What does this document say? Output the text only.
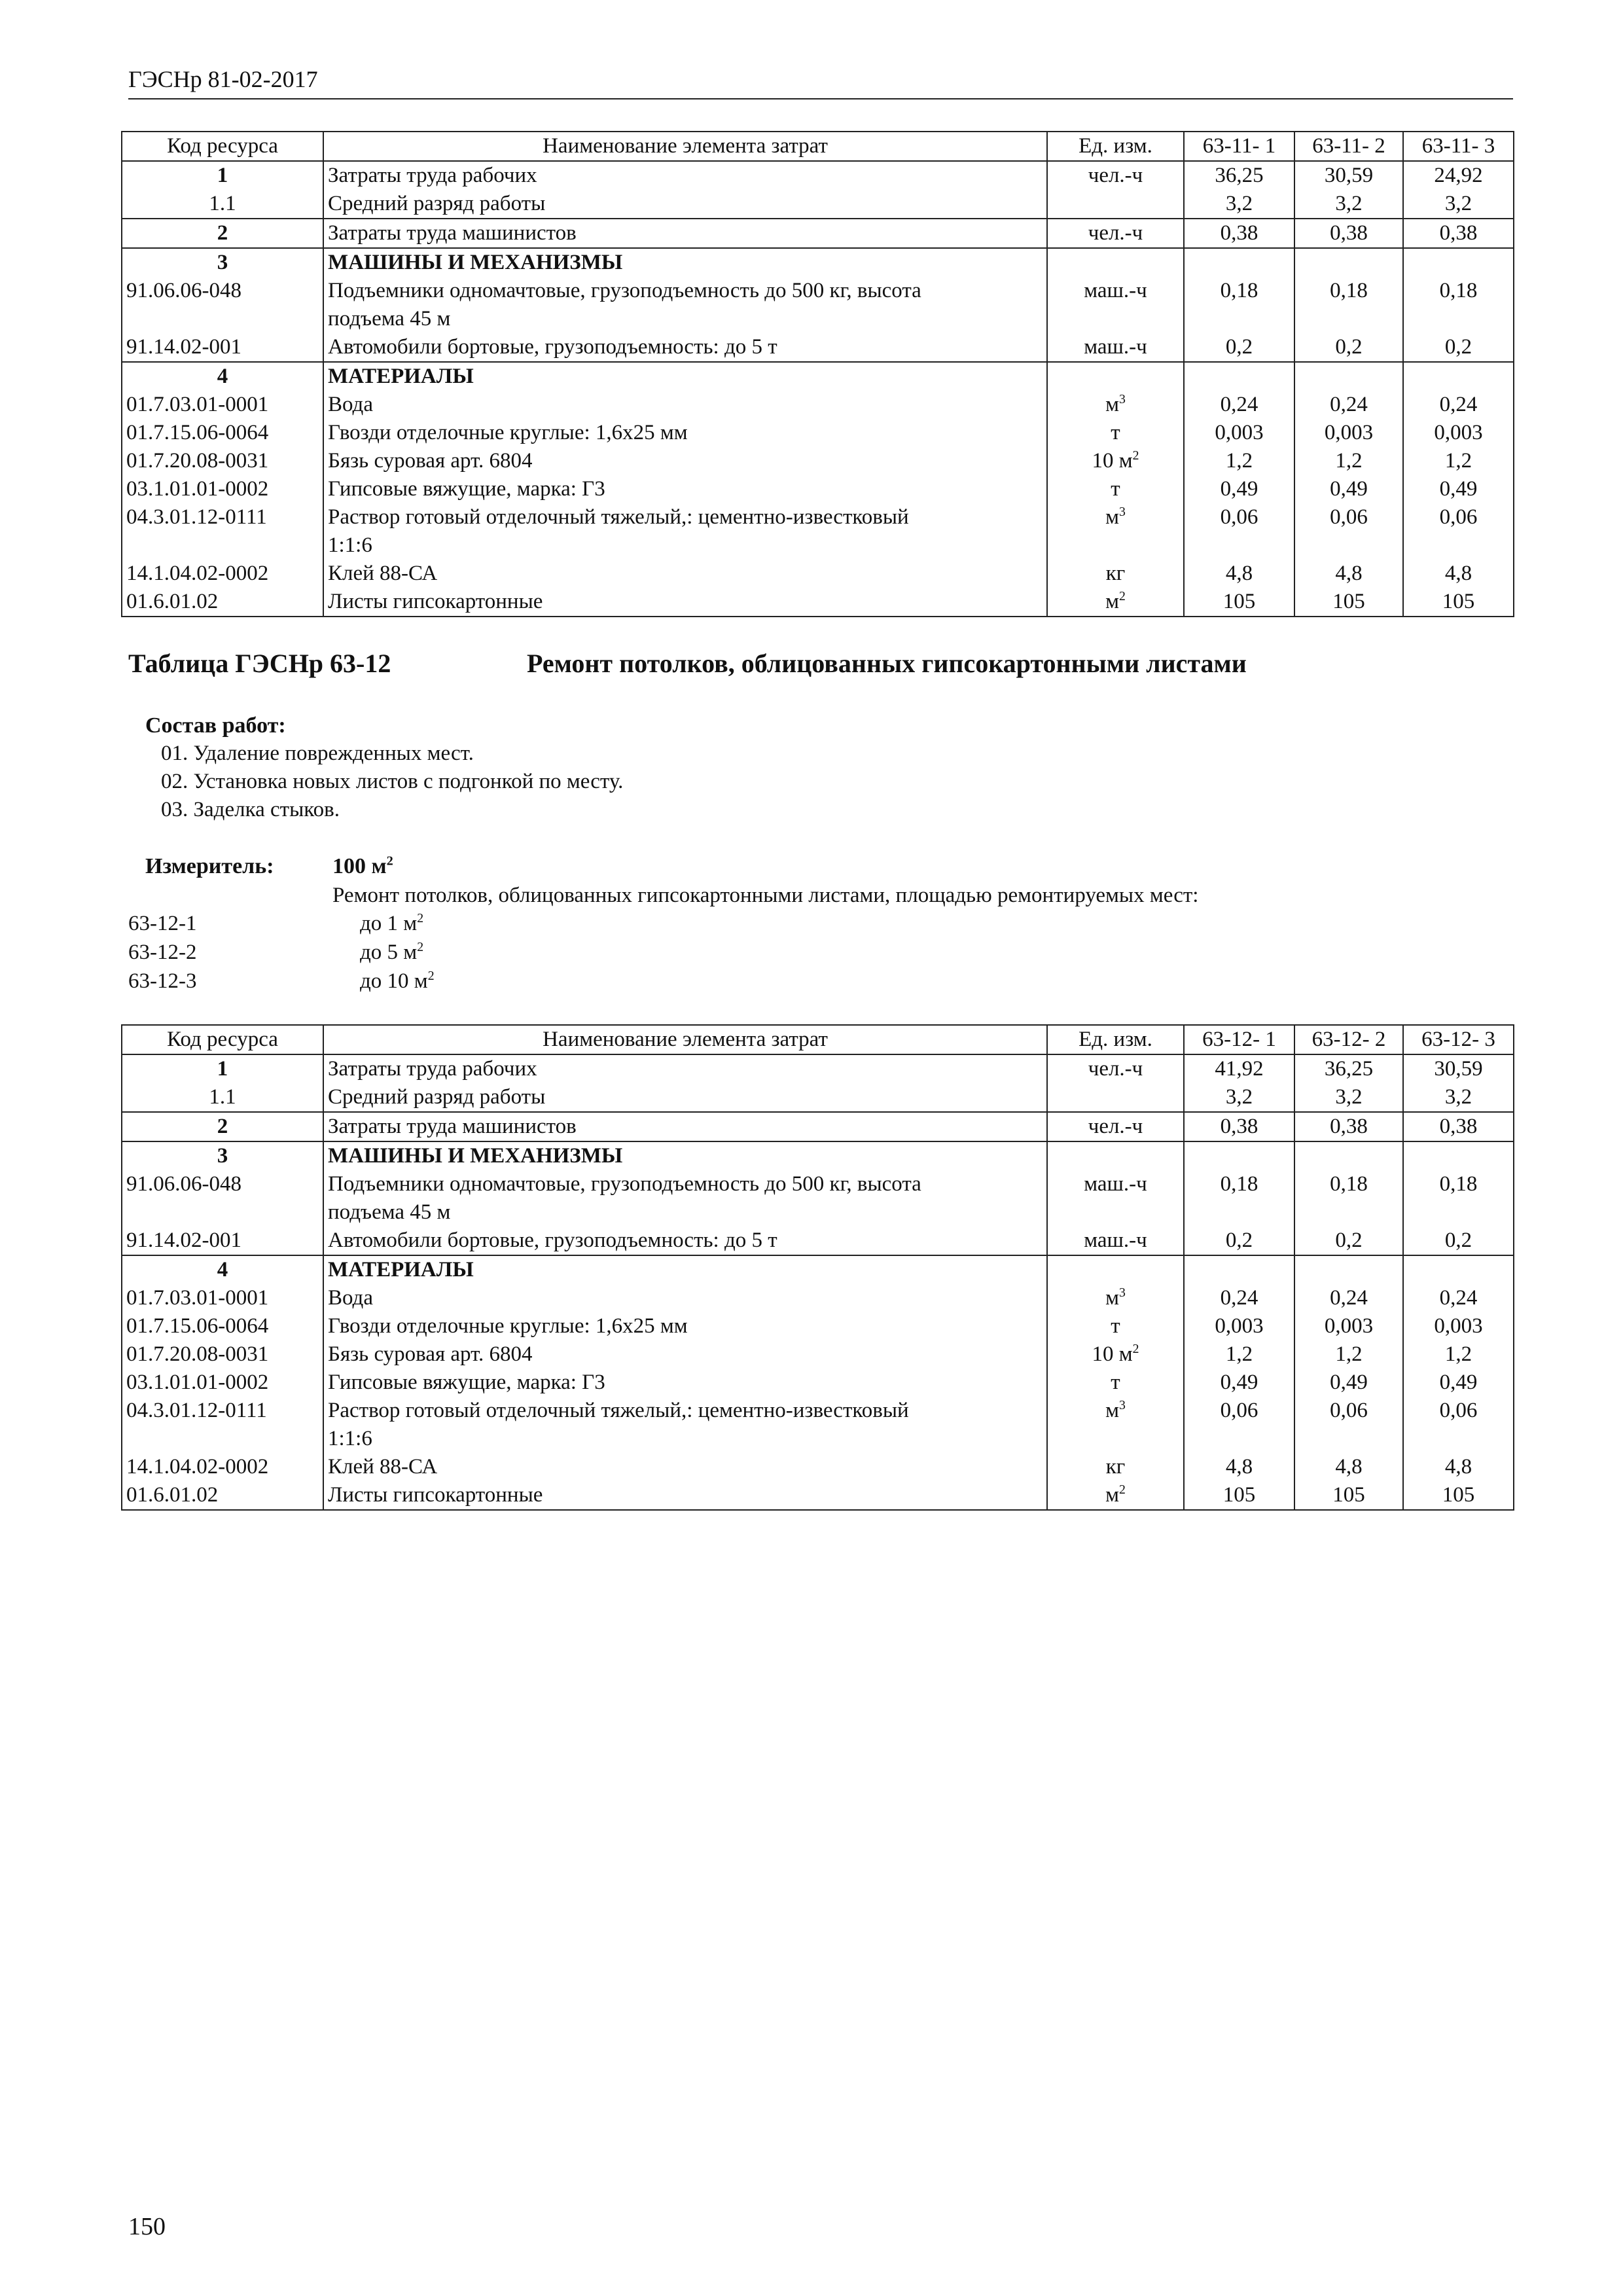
ГЭСНр 81-02-2017
Код ресурса	Наименование элемента затрат	Ед. изм.	63-11- 1	63-11- 2	63-11- 3
1	Затраты труда рабочих	чел.-ч	36,25	30,59	24,92
1.1	Средний разряд работы		3,2	3,2	3,2
2	Затраты труда машинистов	чел.-ч	0,38	0,38	0,38
3	МАШИНЫ И МЕХАНИЗМЫ				
91.06.06-048	Подъемники одномачтовые, грузоподъемность до 500 кг, высота	маш.-ч	0,18	0,18	0,18
	подъема 45 м				
91.14.02-001	Автомобили бортовые, грузоподъемность: до 5 т	маш.-ч	0,2	0,2	0,2
4	МАТЕРИАЛЫ				
01.7.03.01-0001	Вода	$м^3$	0,24	0,24	0,24
01.7.15.06-0064	Гвозди отделочные круглые: 1,6х25 мм	т	0,003	0,003	0,003
01.7.20.08-0031	Бязь суровая арт. 6804	10 $м^2$	1,2	1,2	1,2
03.1.01.01-0002	Гипсовые вяжущие, марка: Г3	т	0,49	0,49	0,49
04.3.01.12-0111	Раствор готовый отделочный тяжелый,: цементно-известковый	$м^3$	0,06	0,06	0,06
	1:1:6				
14.1.04.02-0002	Клей 88-СА	кг	4,8	4,8	4,8
01.6.01.02	Листы гипсокартонные	$м^2$	105	105	105
Таблица ГЭСНр 63-12	Ремонт потолков, облицованных гипсокартонными листами
Состав работ:
01. Удаление поврежденных мест.
02. Установка новых листов с подгонкой по месту.
03. Заделка стыков.
Измеритель:	100 $м^2$
Ремонт потолков, облицованных гипсокартонными листами, площадью ремонтируемых мест:
63-12-1	до 1 $м^2$
63-12-2	до 5 $м^2$
63-12-3	до 10 $м^2$
Код ресурса	Наименование элемента затрат	Ед. изм.	63-12- 1	63-12- 2	63-12- 3
1	Затраты труда рабочих	чел.-ч	41,92	36,25	30,59
1.1	Средний разряд работы		3,2	3,2	3,2
2	Затраты труда машинистов	чел.-ч	0,38	0,38	0,38
3	МАШИНЫ И МЕХАНИЗМЫ				
91.06.06-048	Подъемники одномачтовые, грузоподъемность до 500 кг, высота	маш.-ч	0,18	0,18	0,18
	подъема 45 м				
91.14.02-001	Автомобили бортовые, грузоподъемность: до 5 т	маш.-ч	0,2	0,2	0,2
4	МАТЕРИАЛЫ				
01.7.03.01-0001	Вода	$м^3$	0,24	0,24	0,24
01.7.15.06-0064	Гвозди отделочные круглые: 1,6х25 мм	т	0,003	0,003	0,003
01.7.20.08-0031	Бязь суровая арт. 6804	10 $м^2$	1,2	1,2	1,2
03.1.01.01-0002	Гипсовые вяжущие, марка: Г3	т	0,49	0,49	0,49
04.3.01.12-0111	Раствор готовый отделочный тяжелый,: цементно-известковый	$м^3$	0,06	0,06	0,06
	1:1:6				
14.1.04.02-0002	Клей 88-СА	кг	4,8	4,8	4,8
01.6.01.02	Листы гипсокартонные	$м^2$	105	105	105
150
